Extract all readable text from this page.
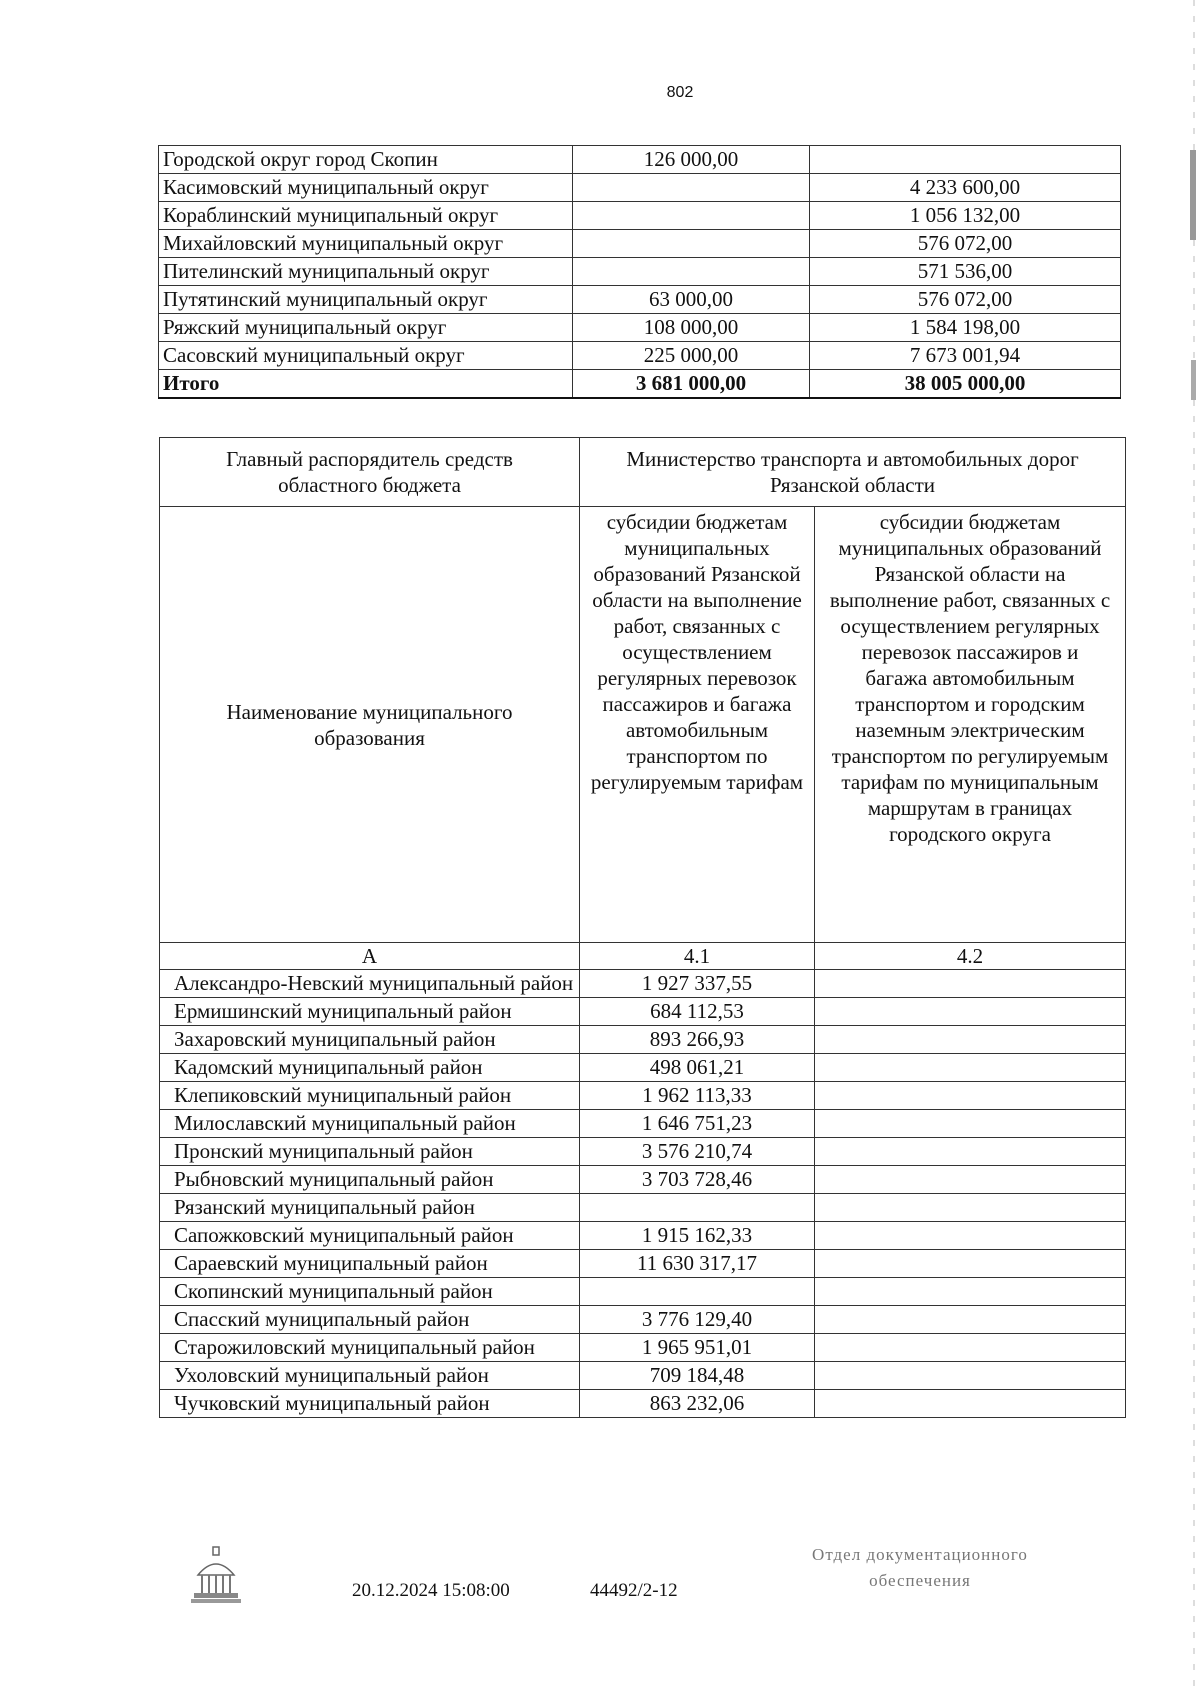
802
Городской округ город Скопин	126 000,00	
Касимовский муниципальный округ		4 233 600,00
Кораблинский муниципальный округ		1 056 132,00
Михайловский муниципальный округ		576 072,00
Пителинский муниципальный округ		571 536,00
Путятинский муниципальный округ	63 000,00	576 072,00
Ряжский муниципальный округ	108 000,00	1 584 198,00
Сасовский муниципальный округ	225 000,00	7 673 001,94
Итого	3 681 000,00	38 005 000,00
Главный распорядитель средств областного бюджета	Министерство транспорта и автомобильных дорог Рязанской области	
Наименование муниципального образования	субсидии бюджетам муниципальных образований Рязанской области на выполнение работ, связанных с осуществлением регулярных перевозок пассажиров и багажа автомобильным транспортом по регулируемым тарифам	субсидии бюджетам муниципальных образований Рязанской области на выполнение работ, связанных с осуществлением регулярных перевозок пассажиров и багажа автомобильным транспортом и городским наземным электрическим транспортом по регулируемым тарифам по муниципальным маршрутам в границах городского округа
А	4.1	4.2
Александро-Невский муниципальный район	1 927 337,55	
Ермишинский муниципальный район	684 112,53	
Захаровский муниципальный район	893 266,93	
Кадомский муниципальный район	498 061,21	
Клепиковский муниципальный район	1 962 113,33	
Милославский муниципальный район	1 646 751,23	
Пронский муниципальный район	3 576 210,74	
Рыбновский муниципальный район	3 703 728,46	
Рязанский муниципальный район		
Сапожковский муниципальный район	1 915 162,33	
Сараевский муниципальный район	11 630 317,17	
Скопинский муниципальный район		
Спасский муниципальный район	3 776 129,40	
Старожиловский муниципальный район	1 965 951,01	
Ухоловский муниципальный район	709 184,48	
Чучковский муниципальный район	863 232,06	
20.12.2024 15:08:00	44492/2-12
Отдел документационного
обеспечения
